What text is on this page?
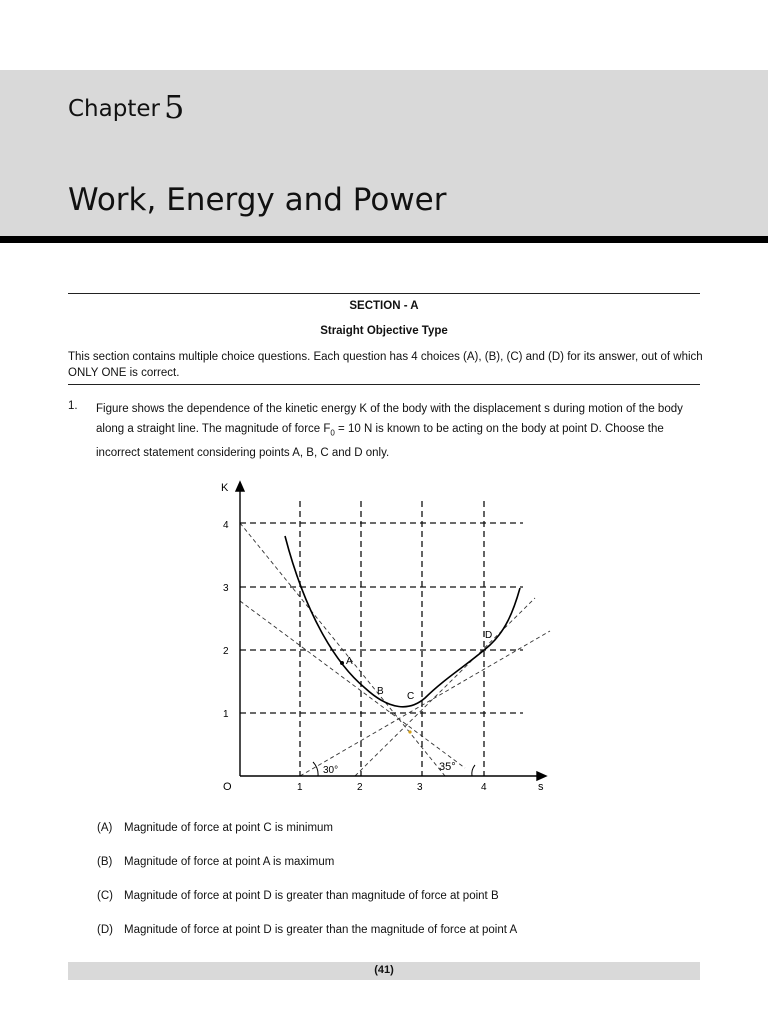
Chapter 5
Work, Energy and Power
SECTION - A
Straight Objective Type
This section contains multiple choice questions. Each question has 4 choices (A), (B), (C) and (D) for its answer, out of which ONLY ONE is correct.
1. Figure shows the dependence of the kinetic energy K of the body with the displacement s during motion of the body along a straight line. The magnitude of force $F_0 = 10$ N is known to be acting on the body at point D. Choose the incorrect statement considering points A, B, C and D only.
K
s
O	1	2	3	4
1
2
3
4
A
B C
D
30°	35°
(A) Magnitude of force at point C is minimum
(B) Magnitude of force at point A is maximum
(C) Magnitude of force at point D is greater than magnitude of force at point B
(D) Magnitude of force at point D is greater than the magnitude of force at point A
(41)
